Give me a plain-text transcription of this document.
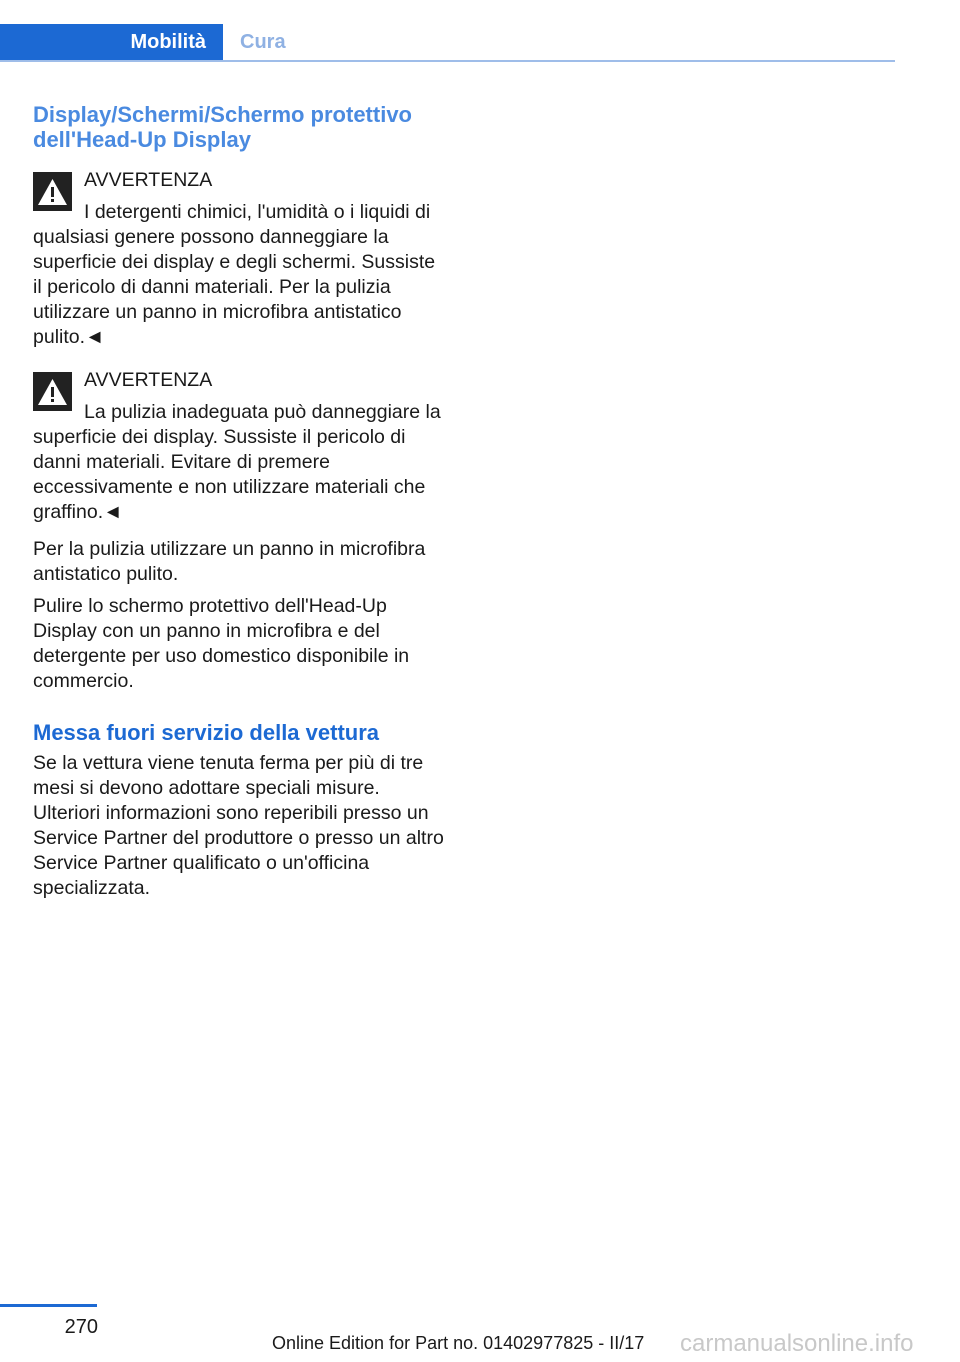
Mobilità Cura
Display/Schermi/Schermo protettivo dell'Head-Up Display

AVVERTENZA

I detergenti chimici, l'umidità o i liquidi di qualsiasi genere possono danneggiare la superficie dei display e degli schermi. Sussiste il pericolo di danni materiali. Per la pulizia utilizzare un panno in microfibra antistatico pulito.◄

AVVERTENZA

La pulizia inadeguata può danneggiare la superficie dei display. Sussiste il pericolo di danni materiali. Evitare di premere eccessivamente e non utilizzare materiali che graffino.◄

Per la pulizia utilizzare un panno in microfibra antistatico pulito.

Pulire lo schermo protettivo dell'Head-Up Display con un panno in microfibra e del detergente per uso domestico disponibile in commercio.

Messa fuori servizio della vettura

Se la vettura viene tenuta ferma per più di tre mesi si devono adottare speciali misure. Ulteriori informazioni sono reperibili presso un Service Partner del produttore o presso un altro Service Partner qualificato o un'officina specializzata.

270
Online Edition for Part no. 01402977825 - II/17 carmanualsonline.info
